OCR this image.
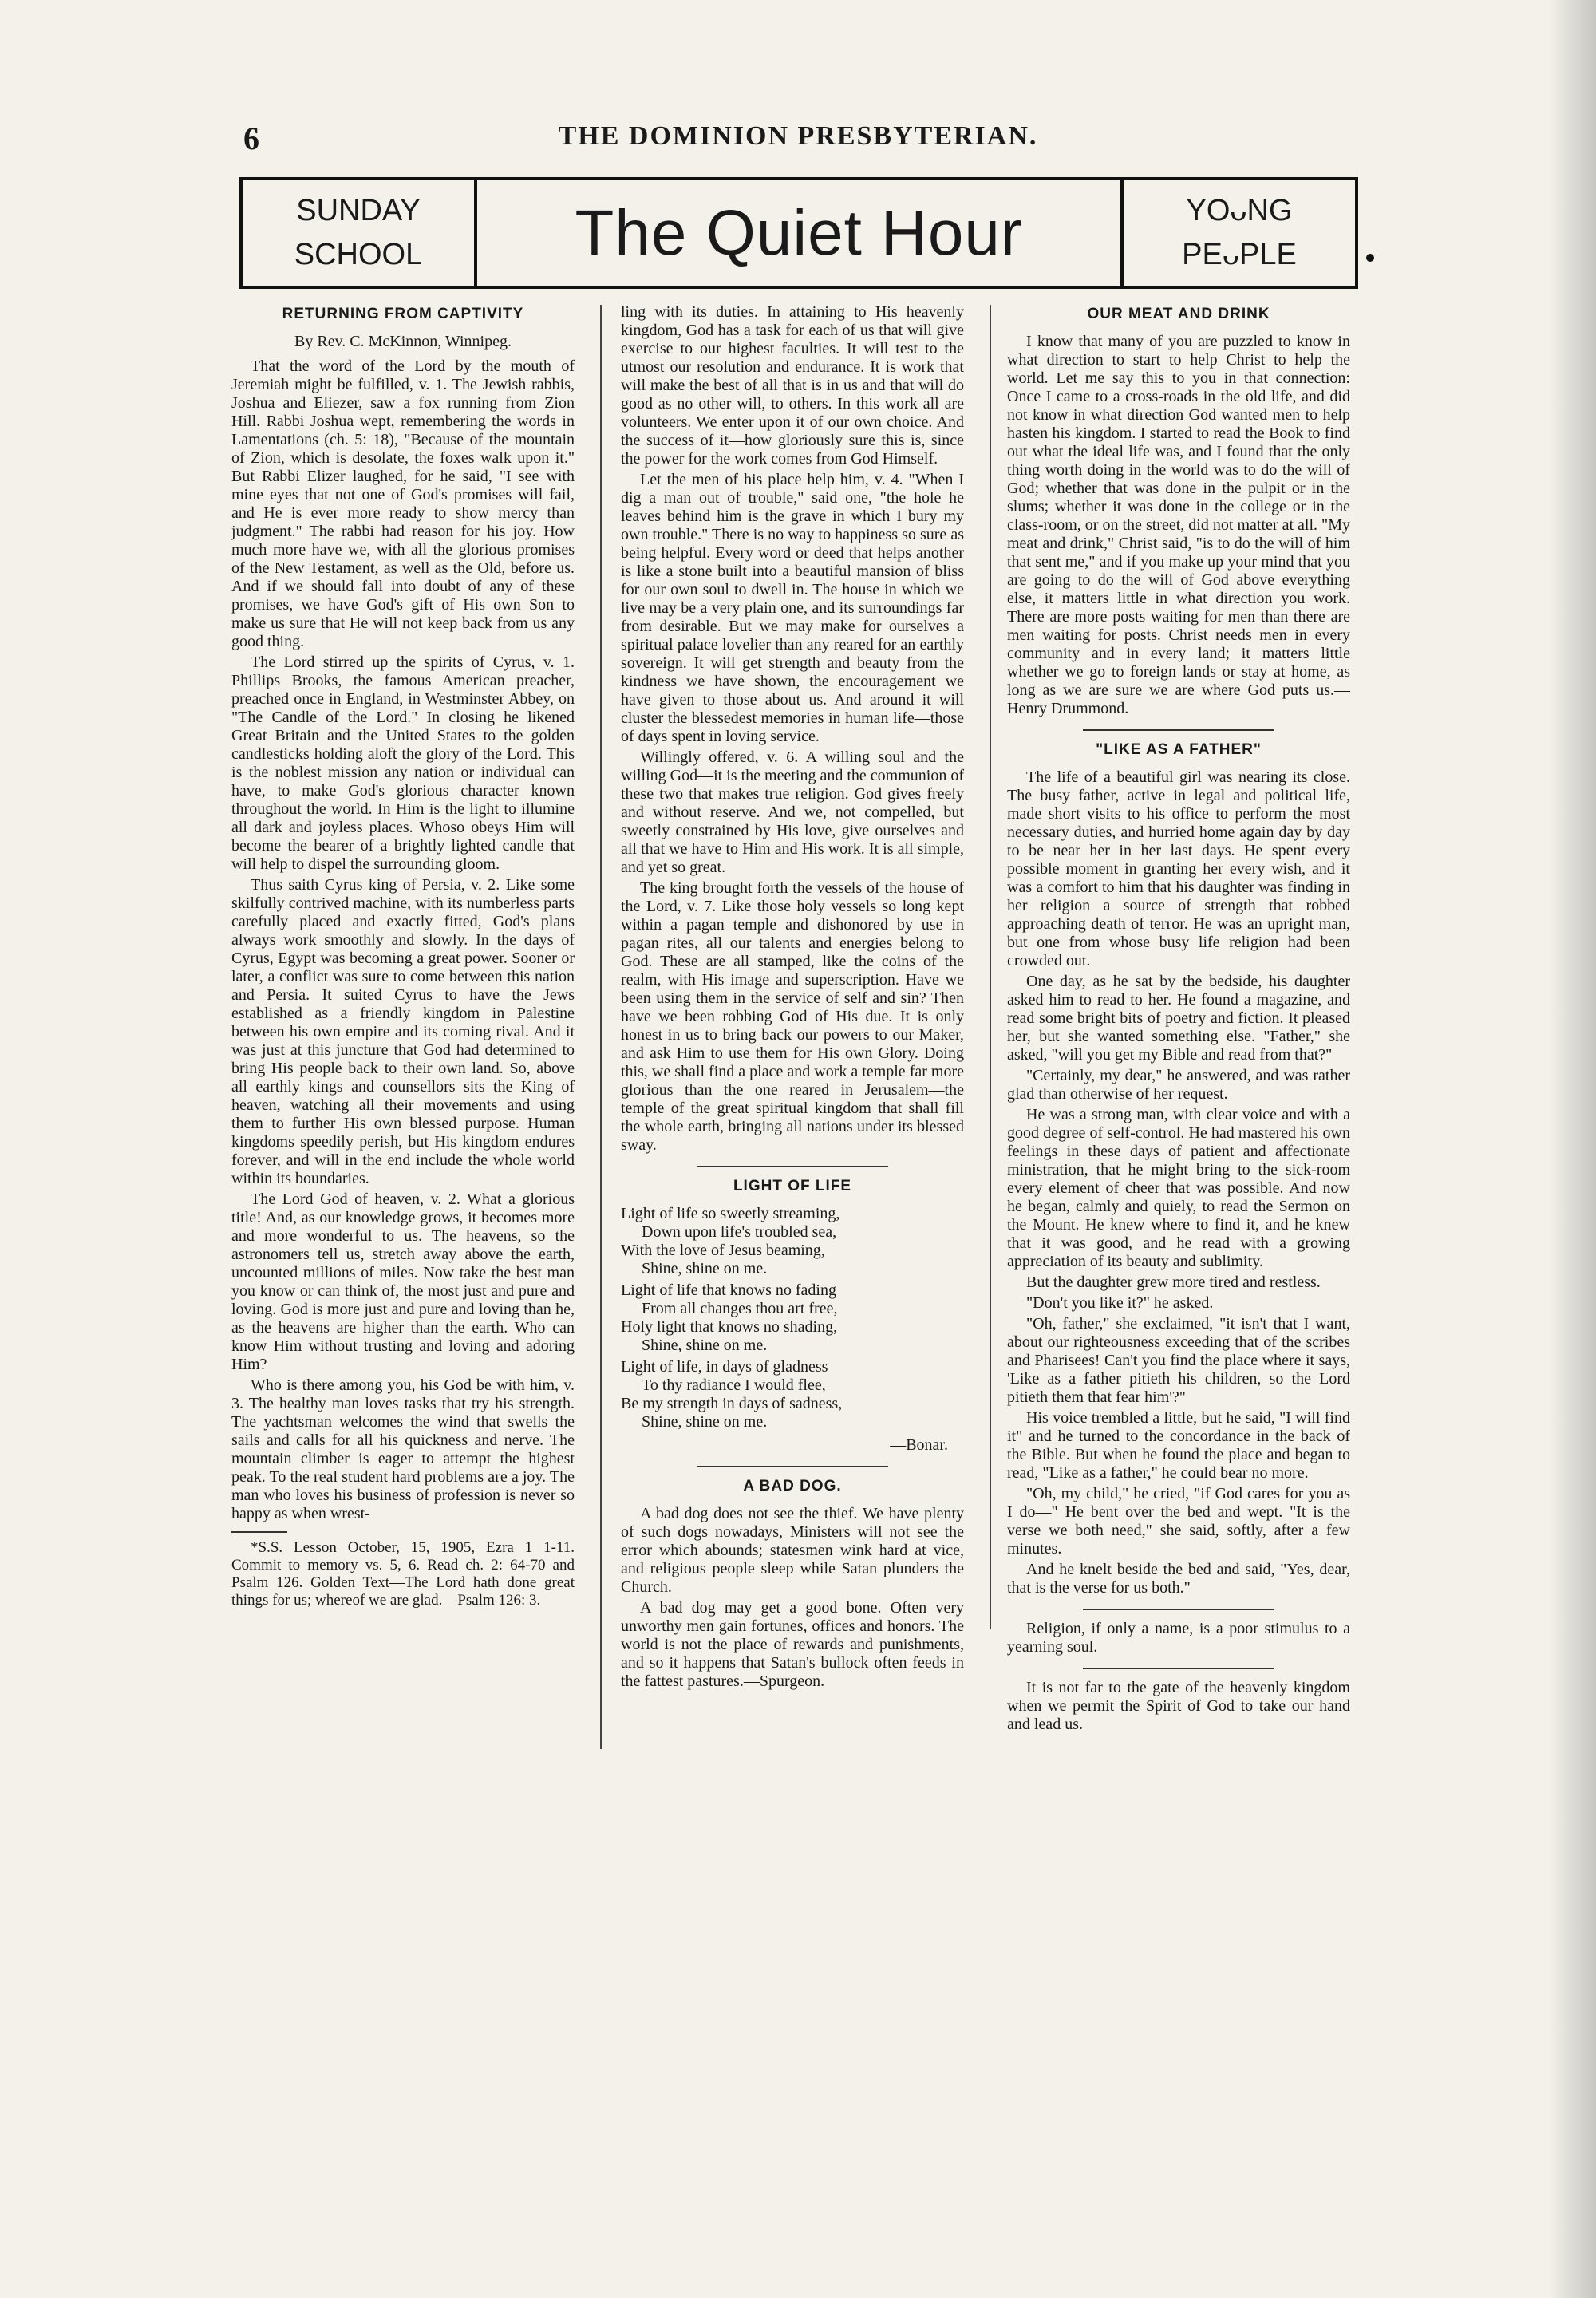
6	THE DOMINION PRESBYTERIAN.
SUNDAY
SCHOOL	The Quiet Hour	YOᴗNG
PEᴗPLE
RETURNING FROM CAPTIVITY
By Rev. C. McKinnon, Winnipeg.

That the word of the Lord by the mouth of Jeremiah might be fulfilled, v. 1. The Jewish rabbis, Joshua and Eliezer, saw a fox running from Zion Hill. Rabbi Joshua wept, remembering the words in Lamentations (ch. 5: 18), "Because of the mountain of Zion, which is desolate, the foxes walk upon it." But Rabbi Elizer laughed, for he said, "I see with mine eyes that not one of God's promises will fail, and He is ever more ready to show mercy than judgment." The rabbi had reason for his joy. How much more have we, with all the glorious promises of the New Testament, as well as the Old, before us. And if we should fall into doubt of any of these promises, we have God's gift of His own Son to make us sure that He will not keep back from us any good thing.

The Lord stirred up the spirits of Cyrus, v. 1. Phillips Brooks, the famous American preacher, preached once in England, in Westminster Abbey, on "The Candle of the Lord." In closing he likened Great Britain and the United States to the golden candlesticks holding aloft the glory of the Lord. This is the noblest mission any nation or individual can have, to make God's glorious character known throughout the world. In Him is the light to illumine all dark and joyless places. Whoso obeys Him will become the bearer of a brightly lighted candle that will help to dispel the surrounding gloom.

Thus saith Cyrus king of Persia, v. 2. Like some skilfully contrived machine, with its numberless parts carefully placed and exactly fitted, God's plans always work smoothly and slowly. In the days of Cyrus, Egypt was becoming a great power. Sooner or later, a conflict was sure to come between this nation and Persia. It suited Cyrus to have the Jews established as a friendly kingdom in Palestine between his own empire and its coming rival. And it was just at this juncture that God had determined to bring His people back to their own land. So, above all earthly kings and counsellors sits the King of heaven, watching all their movements and using them to further His own blessed purpose. Human kingdoms speedily perish, but His kingdom endures forever, and will in the end include the whole world within its boundaries.

The Lord God of heaven, v. 2. What a glorious title! And, as our knowledge grows, it becomes more and more wonderful to us. The heavens, so the astronomers tell us, stretch away above the earth, uncounted millions of miles. Now take the best man you know or can think of, the most just and pure and loving. God is more just and pure and loving than he, as the heavens are higher than the earth. Who can know Him without trusting and loving and adoring Him?

Who is there among you, his God be with him, v. 3. The healthy man loves tasks that try his strength. The yachtsman welcomes the wind that swells the sails and calls for all his quickness and nerve. The mountain climber is eager to attempt the highest peak. To the real student hard problems are a joy. The man who loves his business of profession is never so happy as when wrest-

*S.S. Lesson October, 15, 1905, Ezra 1 1-11. Commit to memory vs. 5, 6. Read ch. 2: 64-70 and Psalm 126. Golden Text—The Lord hath done great things for us; whereof we are glad.—Psalm 126: 3.

ling with its duties. In attaining to His heavenly kingdom, God has a task for each of us that will give exercise to our highest faculties. It will test to the utmost our resolution and endurance. It is work that will make the best of all that is in us and that will do good as no other will, to others. In this work all are volunteers. We enter upon it of our own choice. And the success of it—how gloriously sure this is, since the power for the work comes from God Himself.

Let the men of his place help him, v. 4. "When I dig a man out of trouble," said one, "the hole he leaves behind him is the grave in which I bury my own trouble." There is no way to happiness so sure as being helpful. Every word or deed that helps another is like a stone built into a beautiful mansion of bliss for our own soul to dwell in. The house in which we live may be a very plain one, and its surroundings far from desirable. But we may make for ourselves a spiritual palace lovelier than any reared for an earthly sovereign. It will get strength and beauty from the kindness we have shown, the encouragement we have given to those about us. And around it will cluster the blessedest memories in human life—those of days spent in loving service.

Willingly offered, v. 6. A willing soul and the willing God—it is the meeting and the communion of these two that makes true religion. God gives freely and without reserve. And we, not compelled, but sweetly constrained by His love, give ourselves and all that we have to Him and His work. It is all simple, and yet so great.

The king brought forth the vessels of the house of the Lord, v. 7. Like those holy vessels so long kept within a pagan temple and dishonored by use in pagan rites, all our talents and energies belong to God. These are all stamped, like the coins of the realm, with His image and superscription. Have we been using them in the service of self and sin? Then have we been robbing God of His due. It is only honest in us to bring back our powers to our Maker, and ask Him to use them for His own Glory. Doing this, we shall find a place and work a temple far more glorious than the one reared in Jerusalem—the temple of the great spiritual kingdom that shall fill the whole earth, bringing all nations under its blessed sway.

LIGHT OF LIFE
Light of life so sweetly streaming,
Down upon life's troubled sea,
With the love of Jesus beaming,
Shine, shine on me.
Light of life that knows no fading
From all changes thou art free,
Holy light that knows no shading,
Shine, shine on me.
Light of life, in days of gladness
To thy radiance I would flee,
Be my strength in days of sadness,
Shine, shine on me.
—Bonar.
A BAD DOG.

A bad dog does not see the thief. We have plenty of such dogs nowadays, Ministers will not see the error which abounds; statesmen wink hard at vice, and religious people sleep while Satan plunders the Church.

A bad dog may get a good bone. Often very unworthy men gain fortunes, offices and honors. The world is not the place of rewards and punishments, and so it happens that Satan's bullock often feeds in the fattest pastures.—Spurgeon.

OUR MEAT AND DRINK

I know that many of you are puzzled to know in what direction to start to help Christ to help the world. Let me say this to you in that connection: Once I came to a cross-roads in the old life, and did not know in what direction God wanted men to help hasten his kingdom. I started to read the Book to find out what the ideal life was, and I found that the only thing worth doing in the world was to do the will of God; whether that was done in the pulpit or in the slums; whether it was done in the college or in the class-room, or on the street, did not matter at all. "My meat and drink," Christ said, "is to do the will of him that sent me," and if you make up your mind that you are going to do the will of God above everything else, it matters little in what direction you work. There are more posts waiting for men than there are men waiting for posts. Christ needs men in every community and in every land; it matters little whether we go to foreign lands or stay at home, as long as we are sure we are where God puts us.—Henry Drummond.

"LIKE AS A FATHER"

The life of a beautiful girl was nearing its close. The busy father, active in legal and political life, made short visits to his office to perform the most necessary duties, and hurried home again day by day to be near her in her last days. He spent every possible moment in granting her every wish, and it was a comfort to him that his daughter was finding in her religion a source of strength that robbed approaching death of terror. He was an upright man, but one from whose busy life religion had been crowded out.

One day, as he sat by the bedside, his daughter asked him to read to her. He found a magazine, and read some bright bits of poetry and fiction. It pleased her, but she wanted something else. "Father," she asked, "will you get my Bible and read from that?"

"Certainly, my dear," he answered, and was rather glad than otherwise of her request.

He was a strong man, with clear voice and with a good degree of self-control. He had mastered his own feelings in these days of patient and affectionate ministration, that he might bring to the sick-room every element of cheer that was possible. And now he began, calmly and quiely, to read the Sermon on the Mount. He knew where to find it, and he knew that it was good, and he read with a growing appreciation of its beauty and sublimity.

But the daughter grew more tired and restless.

"Don't you like it?" he asked.

"Oh, father," she exclaimed, "it isn't that I want, about our righteousness exceeding that of the scribes and Pharisees! Can't you find the place where it says, 'Like as a father pitieth his children, so the Lord pitieth them that fear him'?"

His voice trembled a little, but he said, "I will find it" and he turned to the concordance in the back of the Bible. But when he found the place and began to read, "Like as a father," he could bear no more.

"Oh, my child," he cried, "if God cares for you as I do—" He bent over the bed and wept. "It is the verse we both need," she said, softly, after a few minutes.

And he knelt beside the bed and said, "Yes, dear, that is the verse for us both."

Religion, if only a name, is a poor stimulus to a yearning soul.

It is not far to the gate of the heavenly kingdom when we permit the Spirit of God to take our hand and lead us.
